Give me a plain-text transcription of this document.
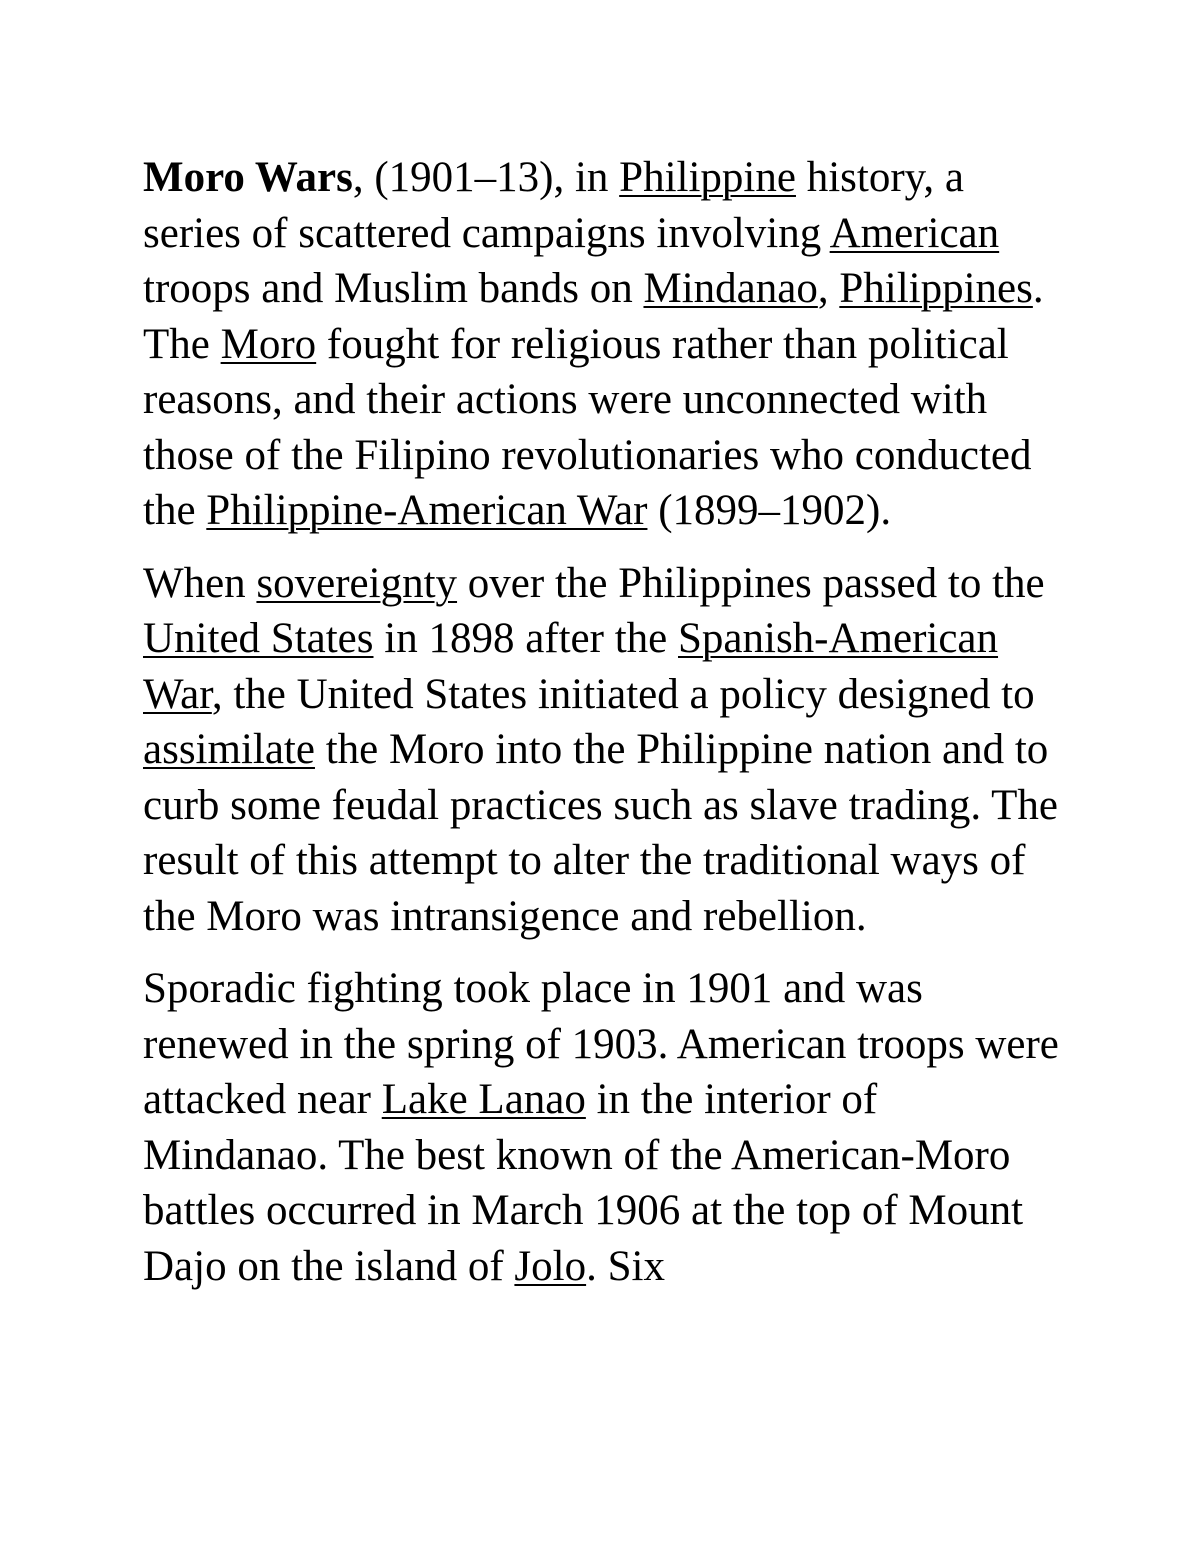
Moro Wars, (1901–13), in Philippine history, a series of scattered campaigns involving American troops and Muslim bands on Mindanao, Philippines. The Moro fought for religious rather than political reasons, and their actions were unconnected with those of the Filipino revolutionaries who conducted the Philippine-American War (1899–1902).

When sovereignty over the Philippines passed to the United States in 1898 after the Spanish-American War, the United States initiated a policy designed to assimilate the Moro into the Philippine nation and to curb some feudal practices such as slave trading. The result of this attempt to alter the traditional ways of the Moro was intransigence and rebellion.

Sporadic fighting took place in 1901 and was renewed in the spring of 1903. American troops were attacked near Lake Lanao in the interior of Mindanao. The best known of the American-Moro battles occurred in March 1906 at the top of Mount Dajo on the island of Jolo. Six
